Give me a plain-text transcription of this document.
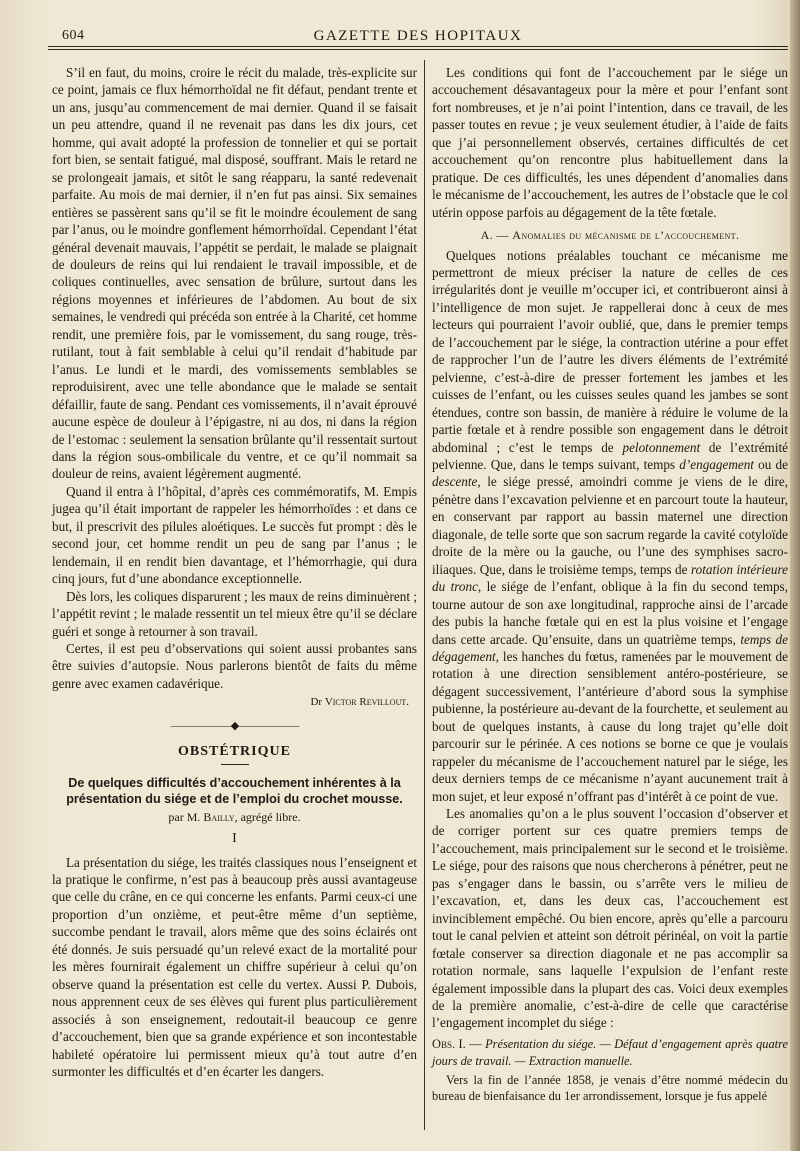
604	GAZETTE DES HOPITAUX

S’il en faut, du moins, croire le récit du malade, très-explicite sur ce point, jamais ce flux hémorrhoïdal ne fit défaut, pendant trente et un ans, jusqu’au commencement de mai dernier. Quand il se faisait un peu attendre, quand il ne revenait pas dans les dix jours, cet homme, qui avait adopté la profession de tonnelier et qui se portait fort bien, se sentait fatigué, mal disposé, souffrant. Mais le retard ne se prolongeait jamais, et sitôt le sang réapparu, la santé redevenait parfaite. Au mois de mai dernier, il n’en fut pas ainsi. Six semaines entières se passèrent sans qu’il se fit le moindre écoulement de sang par l’anus, ou le moindre gonflement hémorrhoïdal. Cependant l’état général devenait mauvais, l’appétit se perdait, le malade se plaignait de douleurs de reins qui lui rendaient le travail impossible, et de coliques continuelles, avec sensation de brûlure, surtout dans les régions moyennes et inférieures de l’abdomen. Au bout de six semaines, le vendredi qui précéda son entrée à la Charité, cet homme rendit, une première fois, par le vomissement, du sang rouge, très-rutilant, tout à fait semblable à celui qu’il rendait d’habitude par l’anus. Le lundi et le mardi, des vomissements semblables se reproduisirent, avec une telle abondance que le malade se sentait défaillir, faute de sang. Pendant ces vomissements, il n’avait éprouvé aucune espèce de douleur à l’épigastre, ni au dos, ni dans la région de l’estomac : seulement la sensation brûlante qu’il ressentait surtout dans la région sous-ombilicale du ventre, et ce qu’il nommait sa douleur de reins, avaient légèrement augmenté.

Quand il entra à l’hôpital, d’après ces commémoratifs, M. Empis jugea qu’il était important de rappeler les hémorrhoïdes : et dans ce but, il prescrivit des pilules aloétiques. Le succès fut prompt : dès le second jour, cet homme rendit un peu de sang par l’anus ; le lendemain, il en rendit bien davantage, et l’hémorrhagie, qui dura cinq jours, fut d’une abondance exceptionnelle.

Dès lors, les coliques disparurent ; les maux de reins diminuèrent ; l’appétit revint ; le malade ressentit un tel mieux être qu’il se déclare guéri et songe à retourner à son travail.

Certes, il est peu d’observations qui soient aussi probantes sans être suivies d’autopsie. Nous parlerons bientôt de faits du même genre avec examen cadavérique.

Dr Victor Revillout.
——————◆——————
OBSTÉTRIQUE
De quelques difficultés d’accouchement inhérentes à la présentation du siége et de l’emploi du crochet mousse.
par M. Bailly, agrégé libre.
I

La présentation du siége, les traités classiques nous l’enseignent et la pratique le confirme, n’est pas à beaucoup près aussi avantageuse que celle du crâne, en ce qui concerne les enfants. Parmi ceux-ci une proportion d’un onzième, et peut-être même d’un septième, succombe pendant le travail, alors même que des soins éclairés ont été donnés. Je suis persuadé qu’un relevé exact de la mortalité pour les mères fournirait également un chiffre supérieur à celui qu’on observe quand la présentation est celle du vertex. Aussi P. Dubois, nous apprennent ceux de ses élèves qui furent plus particulièrement associés à son enseignement, redoutait-il beaucoup ce genre d’accouchement, bien que sa grande expérience et son incontestable habileté opératoire lui permissent mieux qu’à tout autre d’en surmonter les difficultés et d’en écarter les dangers.

Les conditions qui font de l’accouchement par le siége un accouchement désavantageux pour la mère et pour l’enfant sont fort nombreuses, et je n’ai point l’intention, dans ce travail, de les passer toutes en revue ; je veux seulement étudier, à l’aide de faits que j’ai personnellement observés, certaines difficultés de cet accouchement qu’on rencontre plus habituellement dans la pratique. De ces difficultés, les unes dépendent d’anomalies dans le mécanisme de l’accouchement, les autres de l’obstacle que le col utérin oppose parfois au dégagement de la tête fœtale.

A. — Anomalies du mécanisme de l’accouchement.

Quelques notions préalables touchant ce mécanisme me permettront de mieux préciser la nature de celles de ces irrégularités dont je veuille m’occuper ici, et contribueront ainsi à l’intelligence de mon sujet. Je rappellerai donc à ceux de mes lecteurs qui pourraient l’avoir oublié, que, dans le premier temps de l’accouchement par le siége, la contraction utérine a pour effet de rapprocher l’un de l’autre les divers éléments de l’extrémité pelvienne, c’est-à-dire de presser fortement les jambes et les cuisses de l’enfant, ou les cuisses seules quand les jambes se sont étendues, contre son bassin, de manière à réduire le volume de la partie fœtale et à rendre possible son engagement dans le détroit abdominal ; c’est le temps de pelotonnement de l’extrémité pelvienne. Que, dans le temps suivant, temps d’engagement ou de descente, le siége pressé, amoindri comme je viens de le dire, pénètre dans l’excavation pelvienne et en parcourt toute la hauteur, en conservant par rapport au bassin maternel une direction diagonale, de telle sorte que son sacrum regarde la cavité cotyloïde droite de la mère ou la gauche, ou l’une des symphises sacro-iliaques. Que, dans le troisième temps, temps de rotation intérieure du tronc, le siége de l’enfant, oblique à la fin du second temps, tourne autour de son axe longitudinal, rapproche ainsi de l’arcade des pubis la hanche fœtale qui en est la plus voisine et l’engage dans cette arcade. Qu’ensuite, dans un quatrième temps, temps de dégagement, les hanches du fœtus, ramenées par le mouvement de rotation à une direction sensiblement antéro-postérieure, se dégagent successivement, l’antérieure d’abord sous la symphise pubienne, la postérieure au-devant de la fourchette, et seulement au bout de quelques instants, à cause du long trajet qu’elle doit parcourir sur le périnée. A ces notions se borne ce que je voulais rappeler du mécanisme de l’accouchement naturel par le siége, les deux derniers temps de ce mécanisme n’ayant aucunement trait à mon sujet, et leur exposé n’offrant pas d’intérêt à ce point de vue.

Les anomalies qu’on a le plus souvent l’occasion d’observer et de corriger portent sur ces quatre premiers temps de l’accouchement, mais principalement sur le second et le troisième. Le siége, pour des raisons que nous chercherons à pénétrer, peut ne pas s’engager dans le bassin, ou s’arrête vers le milieu de l’excavation, et, dans les deux cas, l’accouchement est invinciblement empêché. Ou bien encore, après qu’elle a parcouru tout le canal pelvien et atteint son détroit périnéal, on voit la partie fœtale conserver sa direction diagonale et ne pas accomplir sa rotation normale, sans laquelle l’expulsion de l’enfant reste également impossible dans la plupart des cas. Voici deux exemples de la première anomalie, c’est-à-dire de celle que caractérise l’engagement incomplet du siége :

Obs. I. — Présentation du siége. — Défaut d’engagement après quatre jours de travail. — Extraction manuelle.

Vers la fin de l’année 1858, je venais d’être nommé médecin du bureau de bienfaisance du 1er arrondissement, lorsque je fus appelé
